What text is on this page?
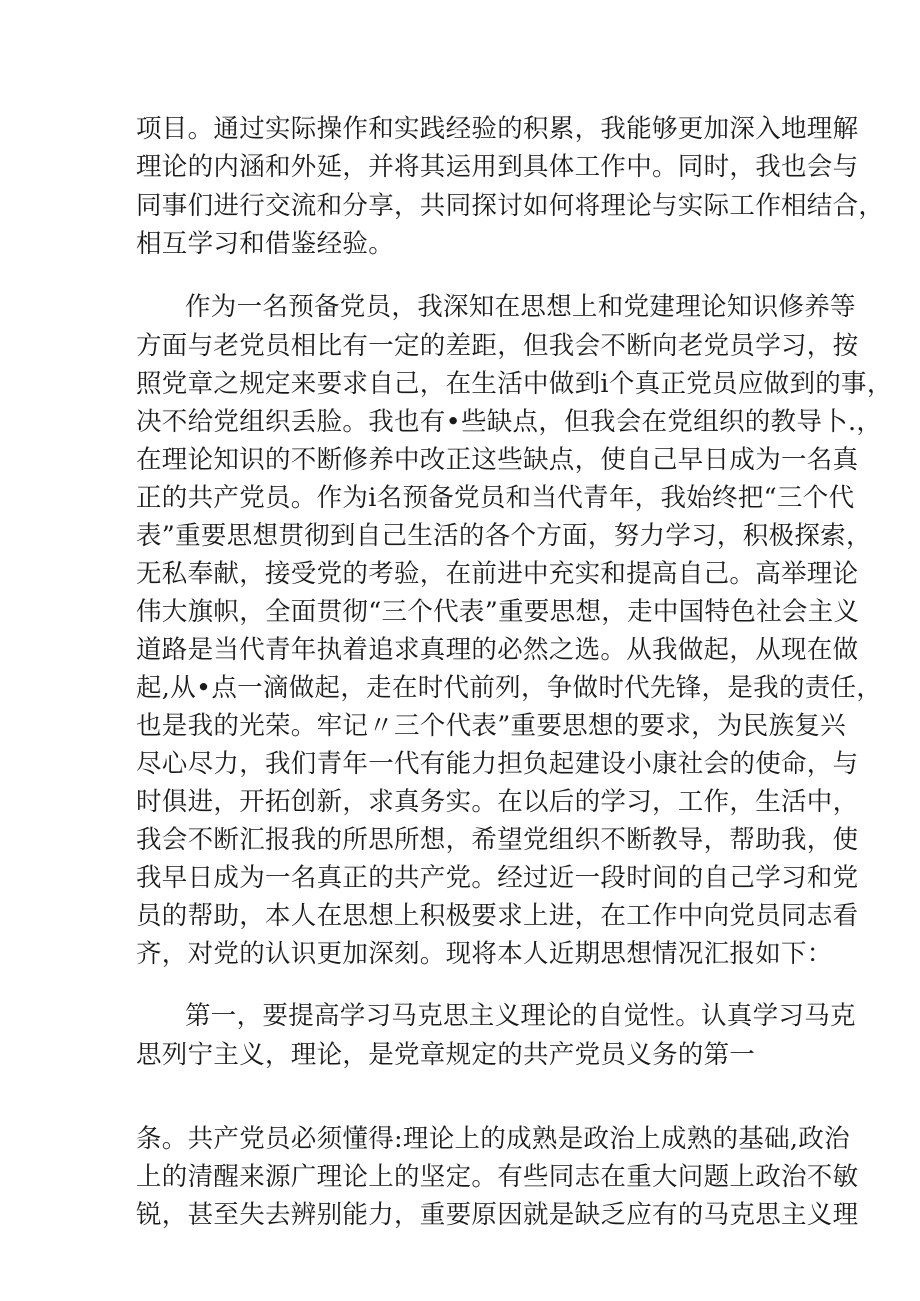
项目。通过实际操作和实践经验的积累，我能够更加深入地理解
理论的内涵和外延，并将其运用到具体工作中。同时，我也会与
同事们进行交流和分享，共同探讨如何将理论与实际工作相结合，
相互学习和借鉴经验。
作为一名预备党员，我深知在思想上和党建理论知识修养等
方面与老党员相比有一定的差距，但我会不断向老党员学习，按
照党章之规定来要求自己，在生活中做到i个真正党员应做到的事，
决不给党组织丢脸。我也有•些缺点，但我会在党组织的教导卜.，
在理论知识的不断修养中改正这些缺点，使自己早日成为一名真
正的共产党员。作为i名预备党员和当代青年，我始终把“三个代
表”重要思想贯彻到自己生活的各个方面，努力学习，积极探索，
无私奉献，接受党的考验，在前进中充实和提高自己。高举理论
伟大旗帜，全面贯彻“三个代表”重要思想，走中国特色社会主义
道路是当代青年执着追求真理的必然之选。从我做起，从现在做
起,从•点一滴做起，走在时代前列，争做时代先锋，是我的责任，
也是我的光荣。牢记〃三个代表”重要思想的要求，为民族复兴
尽心尽力，我们青年一代有能力担负起建设小康社会的使命，与
时俱进，开拓创新，求真务实。在以后的学习，工作，生活中，
我会不断汇报我的所思所想，希望党组织不断教导，帮助我，使
我早日成为一名真正的共产党。经过近一段时间的自己学习和党
员的帮助，本人在思想上积极要求上进，在工作中向党员同志看
齐，对党的认识更加深刻。现将本人近期思想情况汇报如下：
第一，要提高学习马克思主义理论的自觉性。认真学习马克
思列宁主义，理论，是党章规定的共产党员义务的第一
条。共产党员必须懂得:理论上的成熟是政治上成熟的基础,政治
上的清醒来源广理论上的坚定。有些同志在重大问题上政治不敏
锐，甚至失去辨别能力，重要原因就是缺乏应有的马克思主义理
